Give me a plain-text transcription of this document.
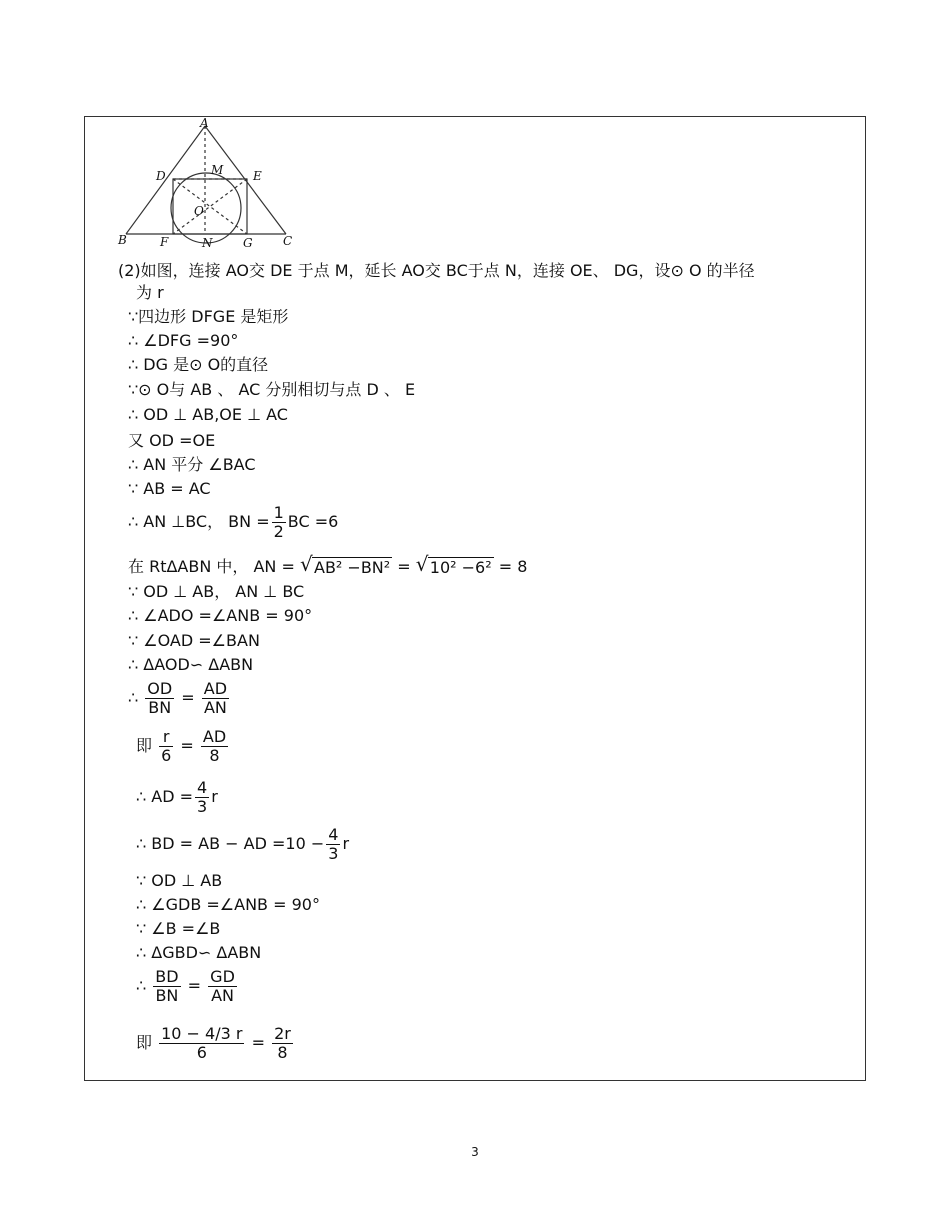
A
D	M E
O
B	F	N	G	C
(2)如图，连接 AO交 DE 于点 M，延长 AO交 BC于点 N，连接 OE、 DG，设⊙ O 的半径
为 r
∵四边形 DFGE 是矩形
∴ ∠DFG =90°
∴ DG 是⊙ O的直径
∵⊙ O与 AB 、 AC 分别相切与点 D 、 E
∴ OD ⊥ AB,OE ⊥ AC
又 OD =OE
∴ AN 平分 ∠BAC
∵ AB = AC
∴ AN ⊥BC， BN = $\frac{1}{2}$ BC =6
在 RtΔABN 中， AN = √ AB² −BN² = √ 10² −6² = 8
∵ OD ⊥ AB， AN ⊥ BC
∴ ∠ADO =∠ANB = 90°
∵ ∠OAD =∠BAN
∴ ΔAOD∽ ΔABN
∴ $\frac{OD}{BN} = \frac{AD}{AN}$
即 $\frac{r}{6} = \frac{AD}{8}$
∴ AD = $\frac{4}{3}$ r
∴ BD = AB − AD $=10 - \frac{4}{3}$ r
∵ OD ⊥ AB
∴ ∠GDB =∠ANB = 90°
∵ ∠B =∠B
∴ ΔGBD∽ ΔABN
∴ $\frac{BD}{BN} = \frac{GD}{AN}$
即 $\frac{10 - 4/3 r}{6} = \frac{2r}{8}$
3
